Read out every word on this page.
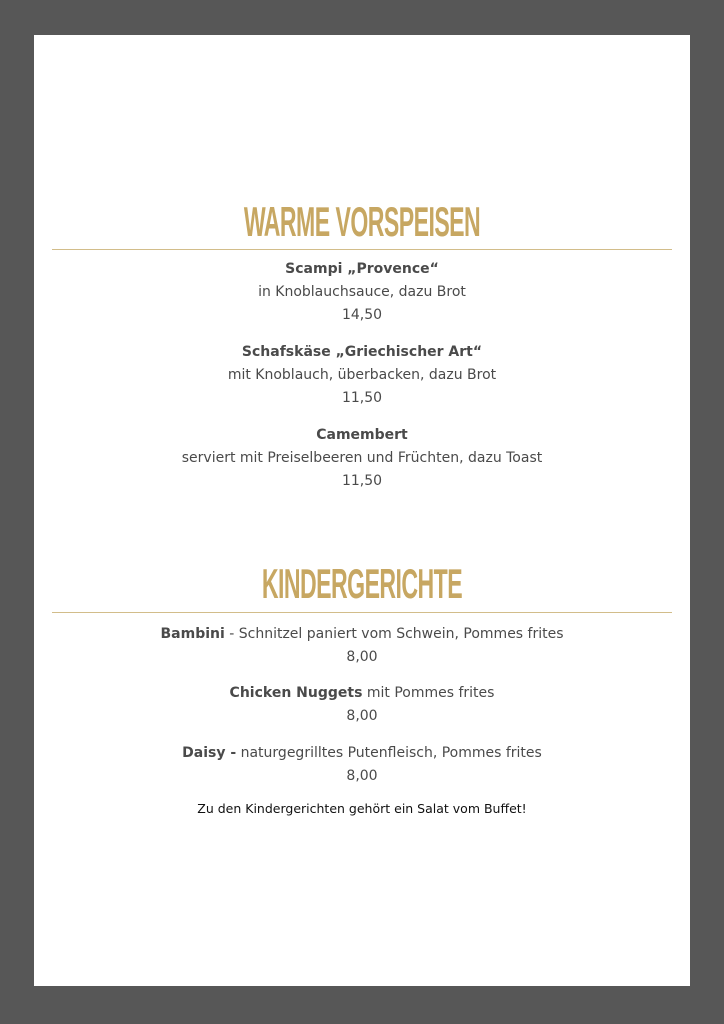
WARME VORSPEISEN
Scampi „Provence“
in Knoblauchsauce, dazu Brot
14,50
Schafskäse „Griechischer Art“
mit Knoblauch, überbacken, dazu Brot
11,50
Camembert
serviert mit Preiselbeeren und Früchten, dazu Toast
11,50
KINDERGERICHTE
Bambini - Schnitzel paniert vom Schwein, Pommes frites
8,00
Chicken Nuggets mit Pommes frites
8,00
Daisy - naturgegrilltes Putenfleisch, Pommes frites
8,00
Zu den Kindergerichten gehört ein Salat vom Buffet!
